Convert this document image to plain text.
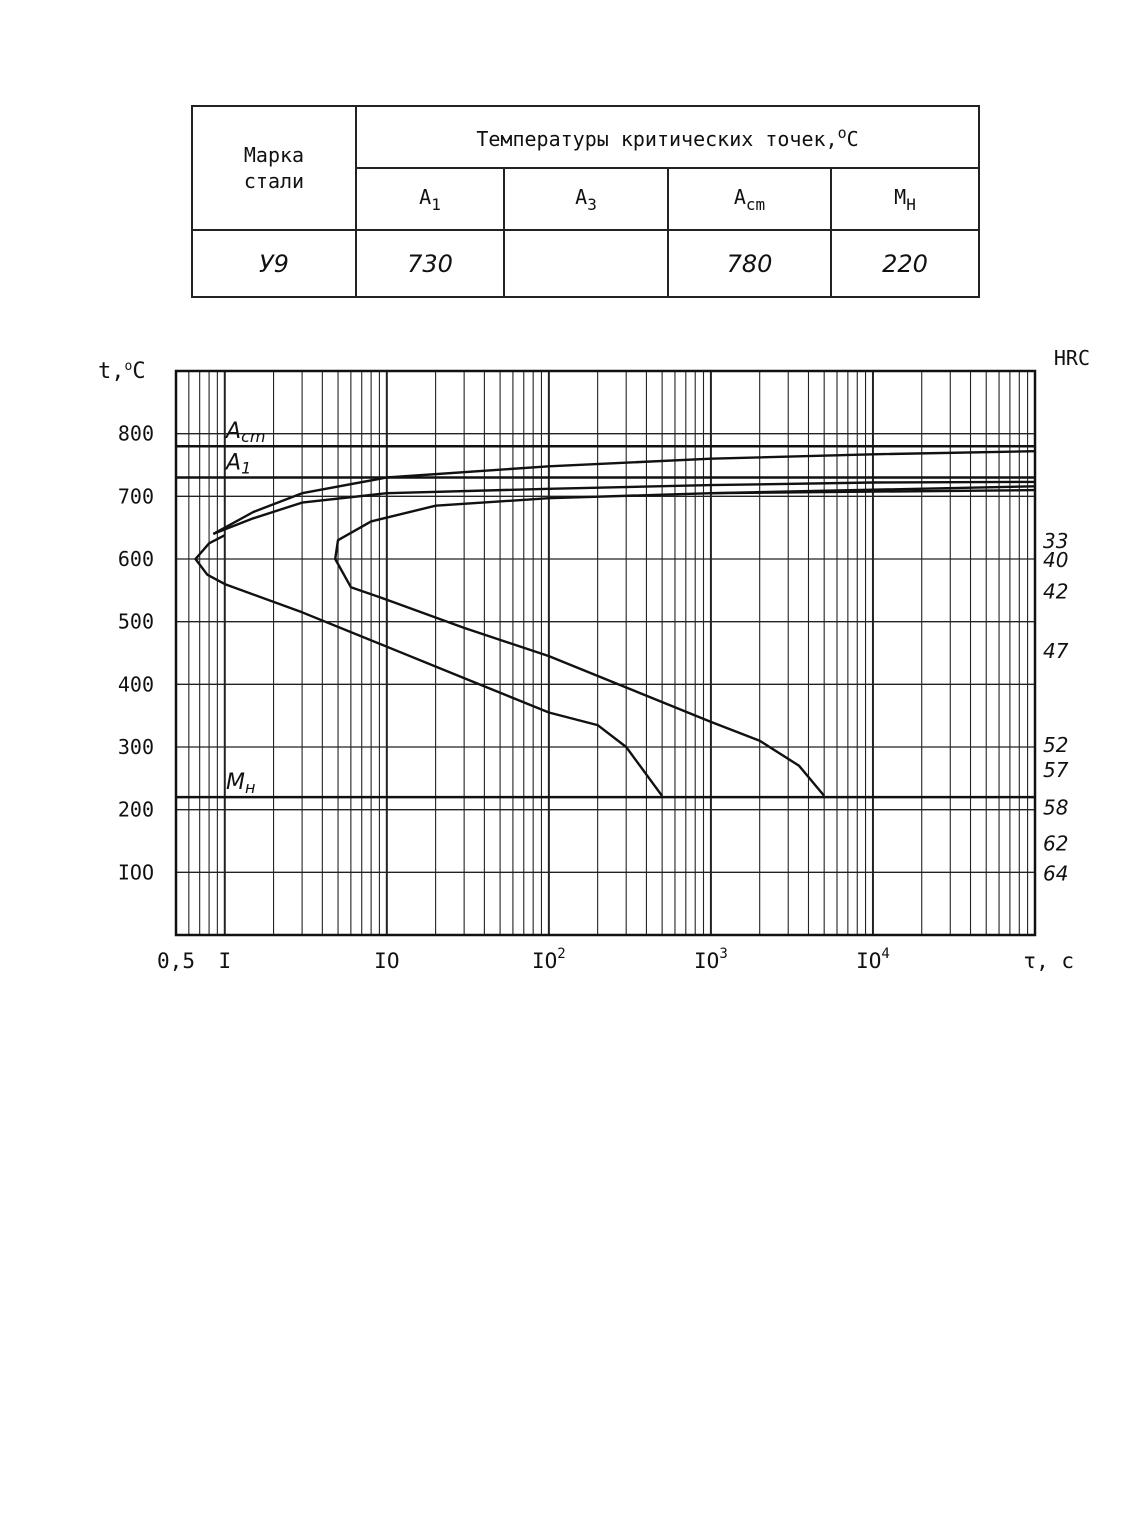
Марка
стали	Температуры критических точек,$^о$С			
	$A_1$	$A_3$	$A_{cm}$	$М_Н$
У9	730		780	220
Acm
A1
Mн
IOO
200
300
400
500
600
700
800
t,$^o$C
HRC
33
40
42
47
52
57
58
62
64
0,5 I	IO	$IO^2$	$IO^3$	$IO^4$	τ, с
